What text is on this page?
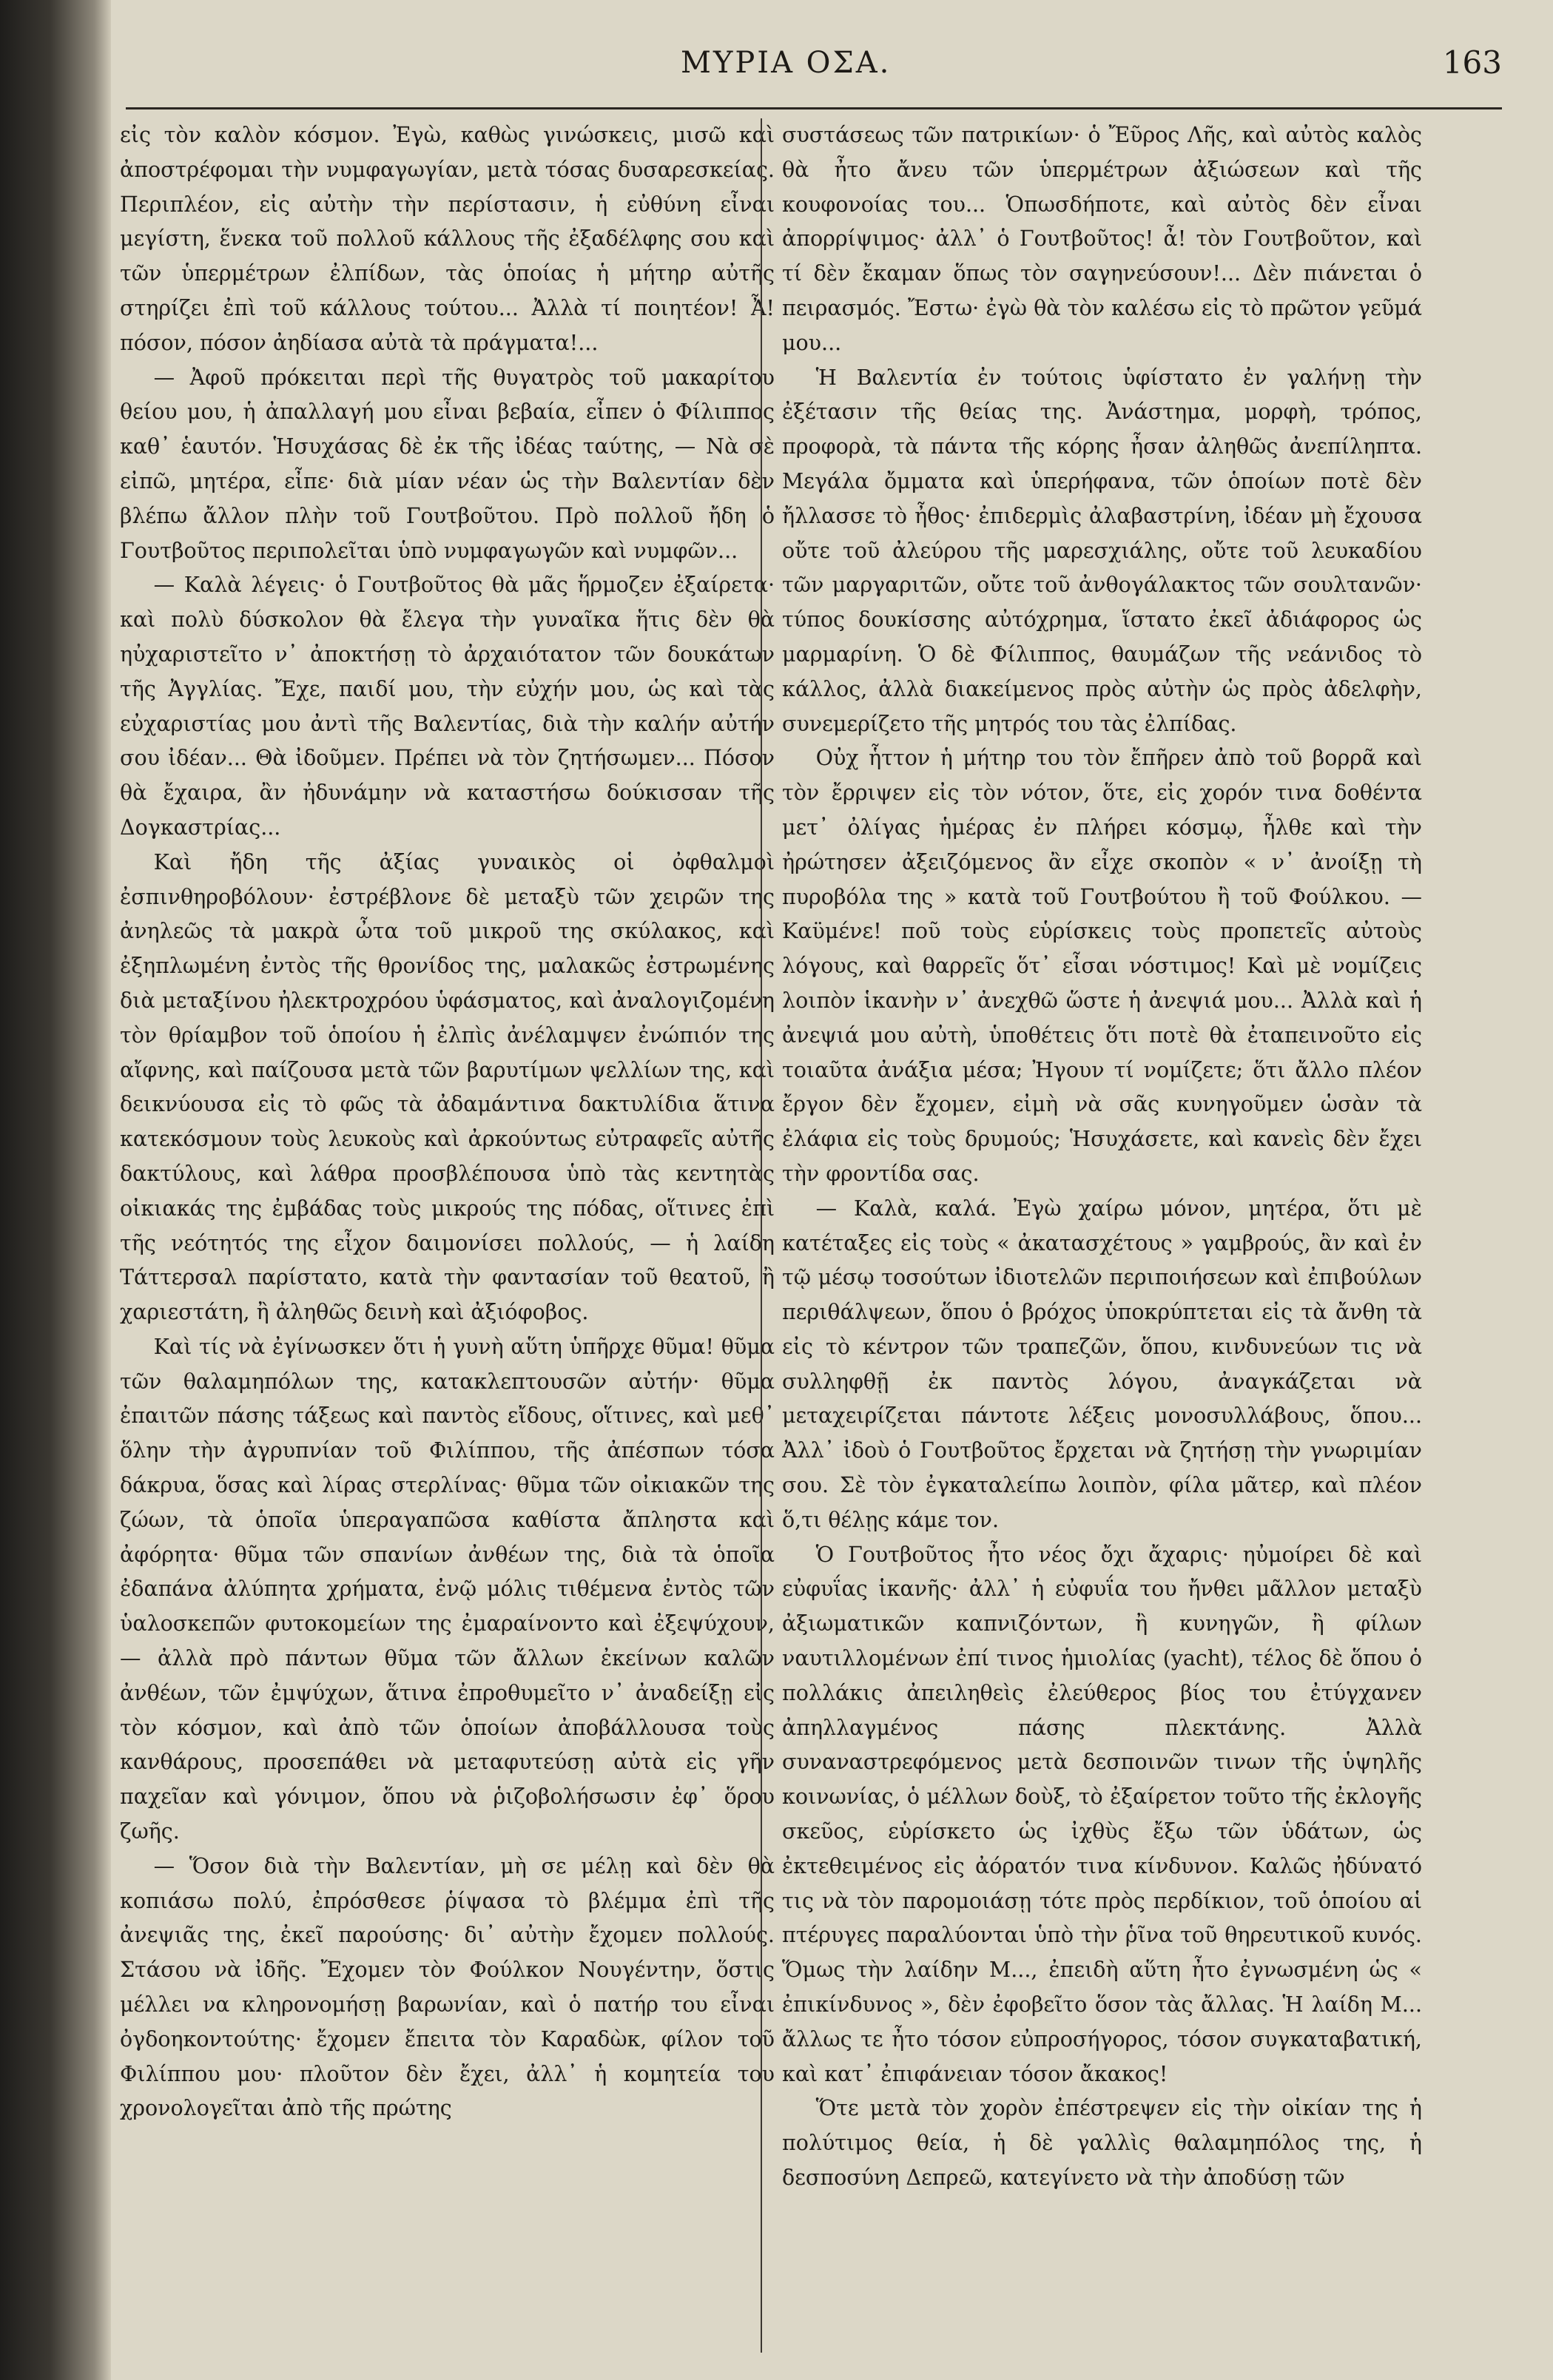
ΜΥΡΙΑ ΟΣΑ.	163

εἰς τὸν καλὸν κόσμον. Ἐγὼ, καθὼς γινώσκεις, μισῶ καὶ ἀποστρέφομαι τὴν νυμφαγωγίαν, μετὰ τόσας δυσαρεσκείας. Περιπλέον, εἰς αὐτὴν τὴν περίστασιν, ἡ εὐθύνη εἶναι μεγίστη, ἕνεκα τοῦ πολλοῦ κάλλους τῆς ἐξαδέλφης σου καὶ τῶν ὑπερμέτρων ἐλπίδων, τὰς ὁποίας ἡ μήτηρ αὐτῆς στηρίζει ἐπὶ τοῦ κάλλους τούτου... Ἀλλὰ τί ποιητέον! Ἆ! πόσον, πόσον ἀηδίασα αὐτὰ τὰ πράγματα!...

— Ἀφοῦ πρόκειται περὶ τῆς θυγατρὸς τοῦ μακαρίτου θείου μου, ἡ ἀπαλλαγή μου εἶναι βεβαία, εἶπεν ὁ Φίλιππος καθ᾽ ἑαυτόν. Ἡσυχάσας δὲ ἐκ τῆς ἰδέας ταύτης, — Νὰ σὲ εἰπῶ, μητέρα, εἶπε· διὰ μίαν νέαν ὡς τὴν Βαλεντίαν δὲν βλέπω ἄλλον πλὴν τοῦ Γουτβοῦτου. Πρὸ πολλοῦ ἤδη ὁ Γουτβοῦτος περιπολεῖται ὑπὸ νυμφαγωγῶν καὶ νυμφῶν...

— Καλὰ λέγεις· ὁ Γουτβοῦτος θὰ μᾶς ἥρμοζεν ἐξαίρετα· καὶ πολὺ δύσκολον θὰ ἔλεγα τὴν γυναῖκα ἥτις δὲν θὰ ηὐχαριστεῖτο ν᾽ ἀποκτήσῃ τὸ ἀρχαιότατον τῶν δουκάτων τῆς Ἀγγλίας. Ἔχε, παιδί μου, τὴν εὐχήν μου, ὡς καὶ τὰς εὐχαριστίας μου ἀντὶ τῆς Βαλεντίας, διὰ τὴν καλήν αὐτήν σου ἰδέαν... Θὰ ἰδοῦμεν. Πρέπει νὰ τὸν ζητήσωμεν... Πόσον θὰ ἔχαιρα, ἂν ἠδυνάμην νὰ καταστήσω δούκισσαν τῆς Δογκαστρίας...

Καὶ ἤδη τῆς ἀξίας γυναικὸς οἱ ὀφθαλμοὶ ἐσπινθηροβόλουν· ἐστρέβλονε δὲ μεταξὺ τῶν χειρῶν της ἀνηλεῶς τὰ μακρὰ ὦτα τοῦ μικροῦ της σκύλακος, καὶ ἐξηπλωμένη ἐντὸς τῆς θρονίδος της, μαλακῶς ἐστρωμένης διὰ μεταξίνου ἠλεκτροχρόου ὑφάσματος, καὶ ἀναλογιζομένη τὸν θρίαμβον τοῦ ὁποίου ἡ ἐλπὶς ἀνέλαμψεν ἐνώπιόν της αἴφνης, καὶ παίζουσα μετὰ τῶν βαρυτίμων ψελλίων της, καὶ δεικνύουσα εἰς τὸ φῶς τὰ ἀδαμάντινα δακτυλίδια ἅτινα κατεκόσμουν τοὺς λευκοὺς καὶ ἀρκούντως εὐτραφεῖς αὐτῆς δακτύλους, καὶ λάθρα προσβλέπουσα ὑπὸ τὰς κεντητὰς οἰκιακάς της ἐμβάδας τοὺς μικρούς της πόδας, οἵτινες ἐπὶ τῆς νεότητός της εἶχον δαιμονίσει πολλούς, — ἡ λαίδη Τάττερσαλ παρίστατο, κατὰ τὴν φαντασίαν τοῦ θεατοῦ, ἢ χαριεστάτη, ἢ ἀληθῶς δεινὴ καὶ ἀξιόφοβος.

Καὶ τίς νὰ ἐγίνωσκεν ὅτι ἡ γυνὴ αὕτη ὑπῆρχε θῦμα! θῦμα τῶν θαλαμηπόλων της, κατακλεπτουσῶν αὐτήν· θῦμα ἐπαιτῶν πάσης τάξεως καὶ παντὸς εἴδους, οἵτινες, καὶ μεθ᾽ ὅλην τὴν ἀγρυπνίαν τοῦ Φιλίππου, τῆς ἀπέσπων τόσα δάκρυα, ὅσας καὶ λίρας στερλίνας· θῦμα τῶν οἰκιακῶν της ζώων, τὰ ὁποῖα ὑπεραγαπῶσα καθίστα ἄπληστα καὶ ἀφόρητα· θῦμα τῶν σπανίων ἀνθέων της, διὰ τὰ ὁποῖα ἐδαπάνα ἀλύπητα χρήματα, ἐνῷ μόλις τιθέμενα ἐντὸς τῶν ὑαλοσκεπῶν φυτοκομείων της ἐμαραίνοντο καὶ ἐξεψύχουν, — ἀλλὰ πρὸ πάντων θῦμα τῶν ἄλλων ἐκείνων καλῶν ἀνθέων, τῶν ἐμψύχων, ἅτινα ἐπροθυμεῖτο ν᾽ ἀναδείξῃ εἰς τὸν κόσμον, καὶ ἀπὸ τῶν ὁποίων ἀποβάλλουσα τοὺς κανθάρους, προσεπάθει νὰ μεταφυτεύσῃ αὐτὰ εἰς γῆν παχεῖαν καὶ γόνιμον, ὅπου νὰ ῥιζοβολήσωσιν ἐφ᾽ ὅρου ζωῆς.

— Ὅσον διὰ τὴν Βαλεντίαν, μὴ σε μέλῃ καὶ δὲν θὰ κοπιάσω πολύ, ἐπρόσθεσε ῥίψασα τὸ βλέμμα ἐπὶ τῆς ἀνεψιᾶς της, ἐκεῖ παρούσης· δι᾽ αὐτὴν ἔχομεν πολλούς. Στάσου νὰ ἰδῆς. Ἔχομεν τὸν Φούλκον Νουγέντην, ὅστις μέλλει να κληρονομήσῃ βαρωνίαν, καὶ ὁ πατήρ του εἶναι ὀγδοηκοντούτης· ἔχομεν ἔπειτα τὸν Καραδὼκ, φίλον τοῦ Φιλίππου μου· πλοῦτον δὲν ἔχει, ἀλλ᾽ ἡ κομητεία του χρονολογεῖται ἀπὸ τῆς πρώτης

συστάσεως τῶν πατρικίων· ὁ Ἔῦρος Λῆς, καὶ αὐτὸς καλὸς θὰ ἦτο ἄνευ τῶν ὑπερμέτρων ἀξιώσεων καὶ τῆς κουφονοίας του... Ὁπωσδήποτε, καὶ αὐτὸς δὲν εἶναι ἀπορρίψιμος· ἀλλ᾽ ὁ Γουτβοῦτος! ἆ! τὸν Γουτβοῦτον, καὶ τί δὲν ἔκαμαν ὅπως τὸν σαγηνεύσουν!... Δὲν πιάνεται ὁ πειρασμός. Ἔστω· ἐγὼ θὰ τὸν καλέσω εἰς τὸ πρῶτον γεῦμά μου...

Ἡ Βαλεντία ἐν τούτοις ὑφίστατο ἐν γαλήνῃ τὴν ἐξέτασιν τῆς θείας της. Ἀνάστημα, μορφὴ, τρόπος, προφορὰ, τὰ πάντα τῆς κόρης ἦσαν ἀληθῶς ἀνεπίληπτα. Μεγάλα ὄμματα καὶ ὑπερήφανα, τῶν ὁποίων ποτὲ δὲν ἤλλασσε τὸ ἦθος· ἐπιδερμὶς ἀλαβαστρίνη, ἰδέαν μὴ ἔχουσα οὔτε τοῦ ἀλεύρου τῆς μαρεσχιάλης, οὔτε τοῦ λευκαδίου τῶν μαργαριτῶν, οὔτε τοῦ ἀνθογάλακτος τῶν σουλτανῶν· τύπος δουκίσσης αὐτόχρημα, ἵστατο ἐκεῖ ἀδιάφορος ὡς μαρμαρίνη. Ὁ δὲ Φίλιππος, θαυμάζων τῆς νεάνιδος τὸ κάλλος, ἀλλὰ διακείμενος πρὸς αὐτὴν ὡς πρὸς ἀδελφὴν, συνεμερίζετο τῆς μητρός του τὰς ἐλπίδας.

Οὐχ ἧττον ἡ μήτηρ του τὸν ἔπῆρεν ἀπὸ τοῦ βορρᾶ καὶ τὸν ἔρριψεν εἰς τὸν νότον, ὅτε, εἰς χορόν τινα δοθέντα μετ᾽ ὀλίγας ἡμέρας ἐν πλήρει κόσμῳ, ἦλθε καὶ τὴν ἠρώτησεν ἀξειζόμενος ἂν εἶχε σκοπὸν « ν᾽ ἀνοίξῃ τὴ πυροβόλα της » κατὰ τοῦ Γουτβούτου ἢ τοῦ Φούλκου. — Καϋμένε! ποῦ τοὺς εὑρίσκεις τοὺς προπετεῖς αὐτοὺς λόγους, καὶ θαρρεῖς ὅτ᾽ εἶσαι νόστιμος! Καὶ μὲ νομίζεις λοιπὸν ἱκανὴν ν᾽ ἀνεχθῶ ὥστε ἡ ἀνεψιά μου... Ἀλλὰ καὶ ἡ ἀνεψιά μου αὐτὴ, ὑποθέτεις ὅτι ποτὲ θὰ ἐταπεινοῦτο εἰς τοιαῦτα ἀνάξια μέσα; Ἠγουν τί νομίζετε; ὅτι ἄλλο πλέον ἔργον δὲν ἔχομεν, εἰμὴ νὰ σᾶς κυνηγοῦμεν ὡσὰν τὰ ἐλάφια εἰς τοὺς δρυμούς; Ἡσυχάσετε, καὶ κανεὶς δὲν ἔχει τὴν φροντίδα σας.

— Καλὰ, καλά. Ἐγὼ χαίρω μόνον, μητέρα, ὅτι μὲ κατέταξες εἰς τοὺς « ἀκατασχέτους » γαμβρούς, ἂν καὶ ἐν τῷ μέσῳ τοσούτων ἰδιοτελῶν περιποιήσεων καὶ ἐπιβούλων περιθάλψεων, ὅπου ὁ βρόχος ὑποκρύπτεται εἰς τὰ ἄνθη τὰ εἰς τὸ κέντρον τῶν τραπεζῶν, ὅπου, κινδυνεύων τις νὰ συλληφθῇ ἐκ παντὸς λόγου, ἀναγκάζεται νὰ μεταχειρίζεται πάντοτε λέξεις μονοσυλλάβους, ὅπου... Ἀλλ᾽ ἰδοὺ ὁ Γουτβοῦτος ἔρχεται νὰ ζητήσῃ τὴν γνωριμίαν σου. Σὲ τὸν ἐγκαταλείπω λοιπὸν, φίλα μᾶτερ, καὶ πλέον ὅ,τι θέλῃς κάμε τον.

Ὁ Γουτβοῦτος ἦτο νέος ὄχι ἄχαρις· ηὐμοίρει δὲ καὶ εὐφυΐας ἱκανῆς· ἀλλ᾽ ἡ εὐφυΐα του ἤνθει μᾶλλον μεταξὺ ἀξιωματικῶν καπνιζόντων, ἢ κυνηγῶν, ἢ φίλων ναυτιλλομένων ἐπί τινος ἡμιολίας (yacht), τέλος δὲ ὅπου ὁ πολλάκις ἀπειληθεὶς ἐλεύθερος βίος του ἐτύγχανεν ἀπηλλαγμένος πάσης πλεκτάνης. Ἀλλὰ συναναστρεφόμενος μετὰ δεσποινῶν τινων τῆς ὑψηλῆς κοινωνίας, ὁ μέλλων δοὺξ, τὸ ἐξαίρετον τοῦτο τῆς ἐκλογῆς σκεῦος, εὑρίσκετο ὡς ἰχθὺς ἔξω τῶν ὑδάτων, ὡς ἐκτεθειμένος εἰς ἀόρατόν τινα κίνδυνον. Καλῶς ἠδύνατό τις νὰ τὸν παρομοιάσῃ τότε πρὸς περδίκιον, τοῦ ὁποίου αἱ πτέρυγες παραλύονται ὑπὸ τὴν ῥῖνα τοῦ θηρευτικοῦ κυνός. Ὅμως τὴν λαίδην Μ..., ἐπειδὴ αὕτη ἦτο ἐγνωσμένη ὡς « ἐπικίνδυνος », δὲν ἐφοβεῖτο ὅσον τὰς ἄλλας. Ἡ λαίδη Μ... ἄλλως τε ἦτο τόσον εὐπροσήγορος, τόσον συγκαταβατική, καὶ κατ᾽ ἐπιφάνειαν τόσον ἄκακος!

Ὅτε μετὰ τὸν χορὸν ἐπέστρεψεν εἰς τὴν οἰκίαν της ἡ πολύτιμος θεία, ἡ δὲ γαλλὶς θαλαμηπόλος της, ἡ δεσποσύνη Δεπρεῶ, κατεγίνετο νὰ τὴν ἀποδύσῃ τῶν
